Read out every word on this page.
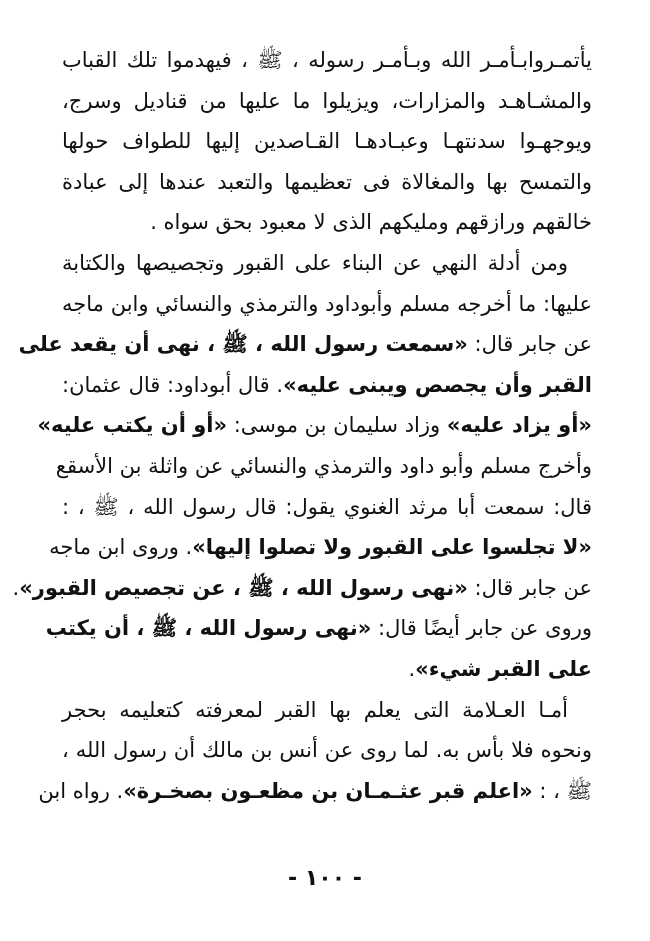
يأتمـروابـأمـر الله وبـأمـر رسوله ، ﷺ ، فيهدموا تلك القباب
والمشـاهـد والمزارات، ويزيلوا ما عليها من قناديل وسرج،
ويوجهـوا سدنتهـا وعبـادهـا القـاصدين إليها للطواف حولها
والتمسح بها والمغالاة فى تعظيمها والتعبد عندها إلى عبادة
خالقهم ورازقهم ومليكهم الذى لا معبود بحق سواه .
ومن أدلة النهي عن البناء على القبور وتجصيصها والكتابة
عليها: ما أخرجه مسلم وأبوداود والترمذي والنسائي وابن ماجه
عن جابر قال: «سمعت رسول الله ، ﷺ ، نهى أن يقعد على
القبر وأن يجصص ويبنى عليه». قال أبوداود: قال عثمان:
«أو يزاد عليه» وزاد سليمان بن موسى: «أو أن يكتب عليه»
وأخرج مسلم وأبو داود والترمذي والنسائي عن واثلة بن الأسقع
قال: سمعت أبا مرثد الغنوي يقول: قال رسول الله ، ﷺ ، :
«لا تجلسوا على القبور ولا تصلوا إليها». وروى ابن ماجه
عن جابر قال: «نهى رسول الله ، ﷺ ، عن تجصيص القبور».
وروى عن جابر أيضًا قال: «نهى رسول الله ، ﷺ ، أن يكتب
على القبر شيء».
أمـا العـلامة التى يعلم بها القبر لمعرفته كتعليمه بحجر
ونحوه فلا بأس به. لما روى عن أنس بن مالك أن رسول الله ،
ﷺ ، : «اعلم قبر عثـمـان بن مظعـون بصخـرة». رواه ابن
- ١٠٠ -
